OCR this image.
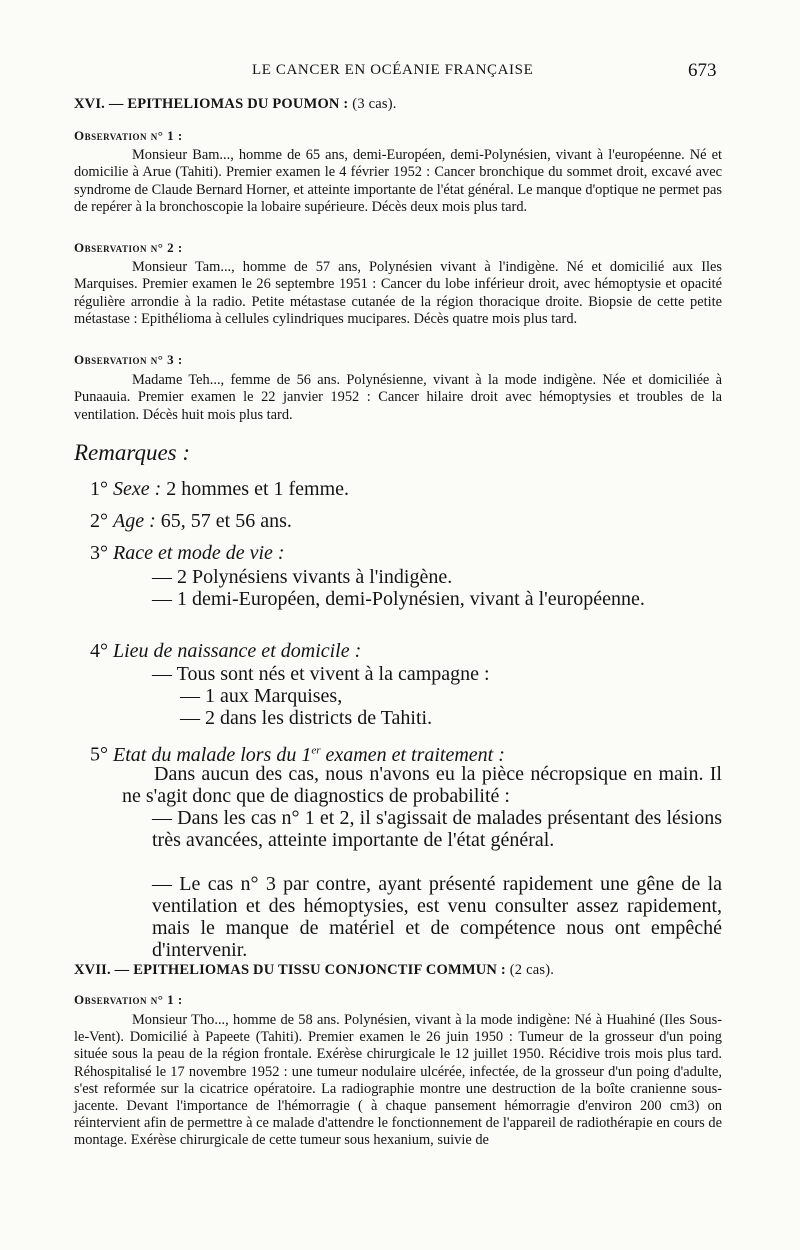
LE CANCER EN OCÉANIE FRANÇAISE	673
XVI. — EPITHELIOMAS DU POUMON : (3 cas).
Observation n° 1 :
Monsieur Bam..., homme de 65 ans, demi-Européen, demi-Polynésien, vivant à l'européenne. Né et domicilie à Arue (Tahiti). Premier examen le 4 février 1952 : Cancer bronchique du sommet droit, excavé avec syndrome de Claude Bernard Horner, et atteinte importante de l'état général. Le manque d'optique ne permet pas de repérer à la bronchoscopie la lobaire supérieure. Décès deux mois plus tard.
Observation n° 2 :
Monsieur Tam..., homme de 57 ans, Polynésien vivant à l'indigène. Né et domicilié aux Iles Marquises. Premier examen le 26 septembre 1951 : Cancer du lobe inférieur droit, avec hémoptysie et opacité régulière arrondie à la radio. Petite métastase cutanée de la région thoracique droite. Biopsie de cette petite métastase : Epithélioma à cellules cylindriques mucipares. Décès quatre mois plus tard.
Observation n° 3 :
Madame Teh..., femme de 56 ans. Polynésienne, vivant à la mode indigène. Née et domiciliée à Punaauia. Premier examen le 22 janvier 1952 : Cancer hilaire droit avec hémoptysies et troubles de la ventilation. Décès huit mois plus tard.
Remarques :
1° Sexe : 2 hommes et 1 femme.
2° Age : 65, 57 et 56 ans.
3° Race et mode de vie :
— 2 Polynésiens vivants à l'indigène.
— 1 demi-Européen, demi-Polynésien, vivant à l'européenne.
4° Lieu de naissance et domicile :
— Tous sont nés et vivent à la campagne :
— 1 aux Marquises,
— 2 dans les districts de Tahiti.
5° Etat du malade lors du 1er examen et traitement :
Dans aucun des cas, nous n'avons eu la pièce nécropsique en main. Il ne s'agit donc que de diagnostics de probabilité :
— Dans les cas n° 1 et 2, il s'agissait de malades présentant des lésions très avancées, atteinte importante de l'état général.
— Le cas n° 3 par contre, ayant présenté rapidement une gêne de la ventilation et des hémoptysies, est venu consulter assez rapidement, mais le manque de matériel et de compétence nous ont empêché d'intervenir.
XVII. — EPITHELIOMAS DU TISSU CONJONCTIF COMMUN : (2 cas).
Observation n° 1 :
Monsieur Tho..., homme de 58 ans. Polynésien, vivant à la mode indigène: Né à Huahiné (Iles Sous-le-Vent). Domicilié à Papeete (Tahiti). Premier examen le 26 juin 1950 : Tumeur de la grosseur d'un poing située sous la peau de la région frontale. Exérèse chirurgicale le 12 juillet 1950. Récidive trois mois plus tard. Réhospitalisé le 17 novembre 1952 : une tumeur nodulaire ulcérée, infectée, de la grosseur d'un poing d'adulte, s'est reformée sur la cicatrice opératoire. La radiographie montre une destruction de la boîte cranienne sous-jacente. Devant l'importance de l'hémorragie ( à chaque pansement hémorragie d'environ 200 cm3) on réintervient afin de permettre à ce malade d'attendre le fonctionnement de l'appareil de radiothérapie en cours de montage. Exérèse chirurgicale de cette tumeur sous hexanium, suivie de
